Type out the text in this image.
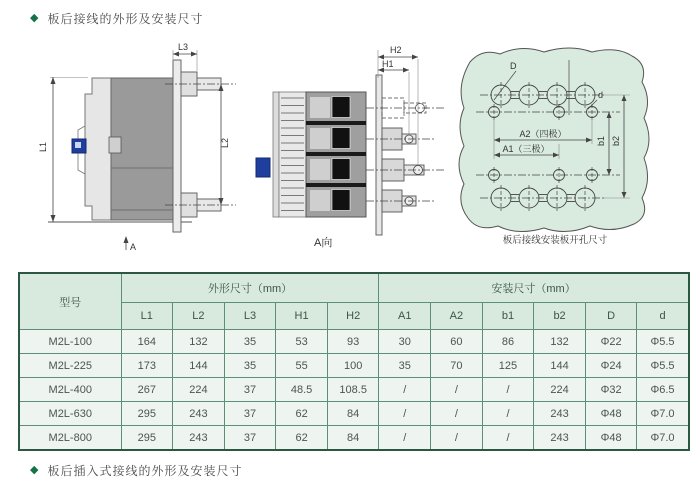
◆ 板后接线的外形及安装尺寸
L1
L3
L2
A
H2
H1
A向
D
d
A2（四极）
A1（三极）
b1 b2
板后接线安装板开孔尺寸
型号	外形尺寸（mm）					安装尺寸（mm）					
	L1	L2	L3	H1	H2	A1	A2	b1	b2	D	d
M2L-100	164	132	35	53	93	30	60	86	132	Φ22	Φ5.5
M2L-225	173	144	35	55	100	35	70	125	144	Φ24	Φ5.5
M2L-400	267	224	37	48.5	108.5	/	/	/	224	Φ32	Φ6.5
M2L-630	295	243	37	62	84	/	/	/	243	Φ48	Φ7.0
M2L-800	295	243	37	62	84	/	/	/	243	Φ48	Φ7.0
◆ 板后插入式接线的外形及安装尺寸
